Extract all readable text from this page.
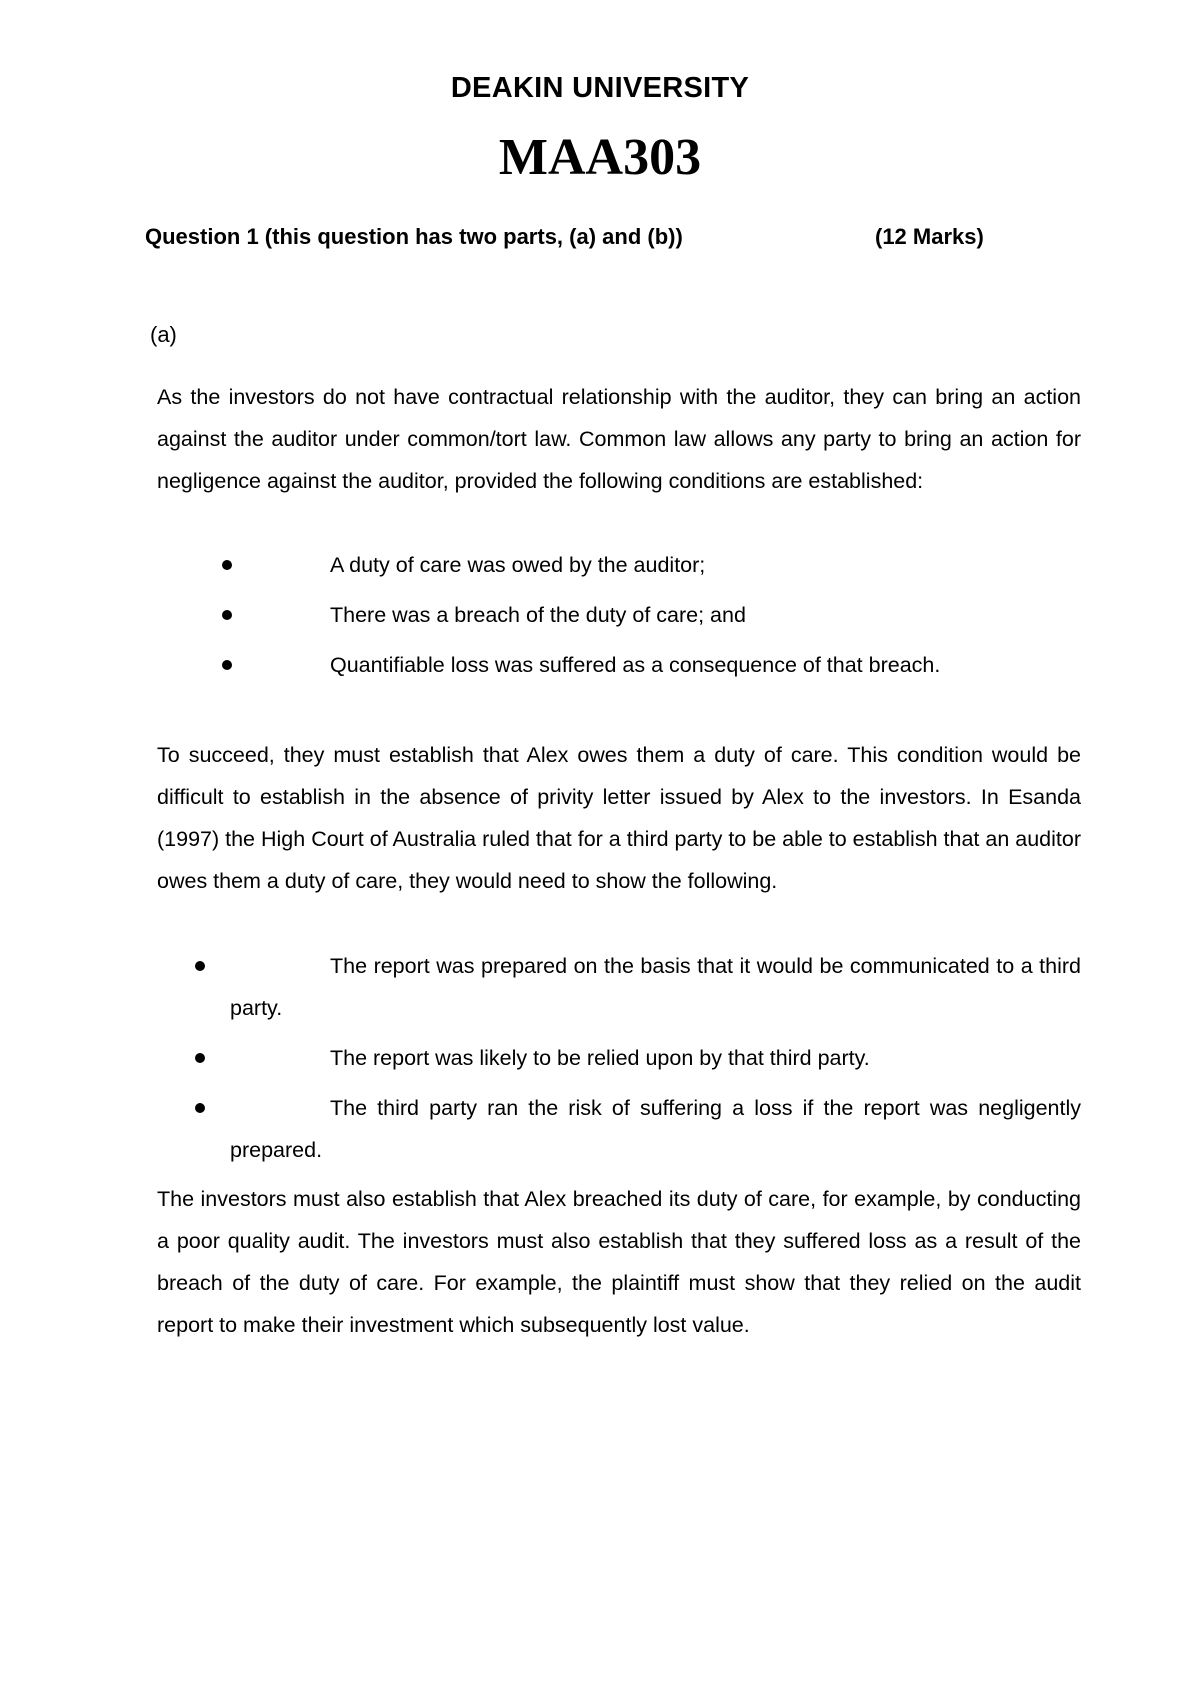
DEAKIN UNIVERSITY
MAA303
Question 1 (this question has two parts, (a) and (b))	(12 Marks)
(a)
As the investors do not have contractual relationship with the auditor, they can bring an action against the auditor under common/tort law. Common law allows any party to bring an action for negligence against the auditor, provided the following conditions are established:
A duty of care was owed by the auditor;
There was a breach of the duty of care; and
Quantifiable loss was suffered as a consequence of that breach.
To succeed, they must establish that Alex owes them a duty of care. This condition would be difficult to establish in the absence of privity letter issued by Alex to the investors. In Esanda (1997) the High Court of Australia ruled that for a third party to be able to establish that an auditor owes them a duty of care, they would need to show the following.
The report was prepared on the basis that it would be communicated to a third party.
The report was likely to be relied upon by that third party.
The third party ran the risk of suffering a loss if the report was negligently prepared.
The investors must also establish that Alex breached its duty of care, for example, by conducting a poor quality audit. The investors must also establish that they suffered loss as a result of the breach of the duty of care. For example, the plaintiff must show that they relied on the audit report to make their investment which subsequently lost value.
